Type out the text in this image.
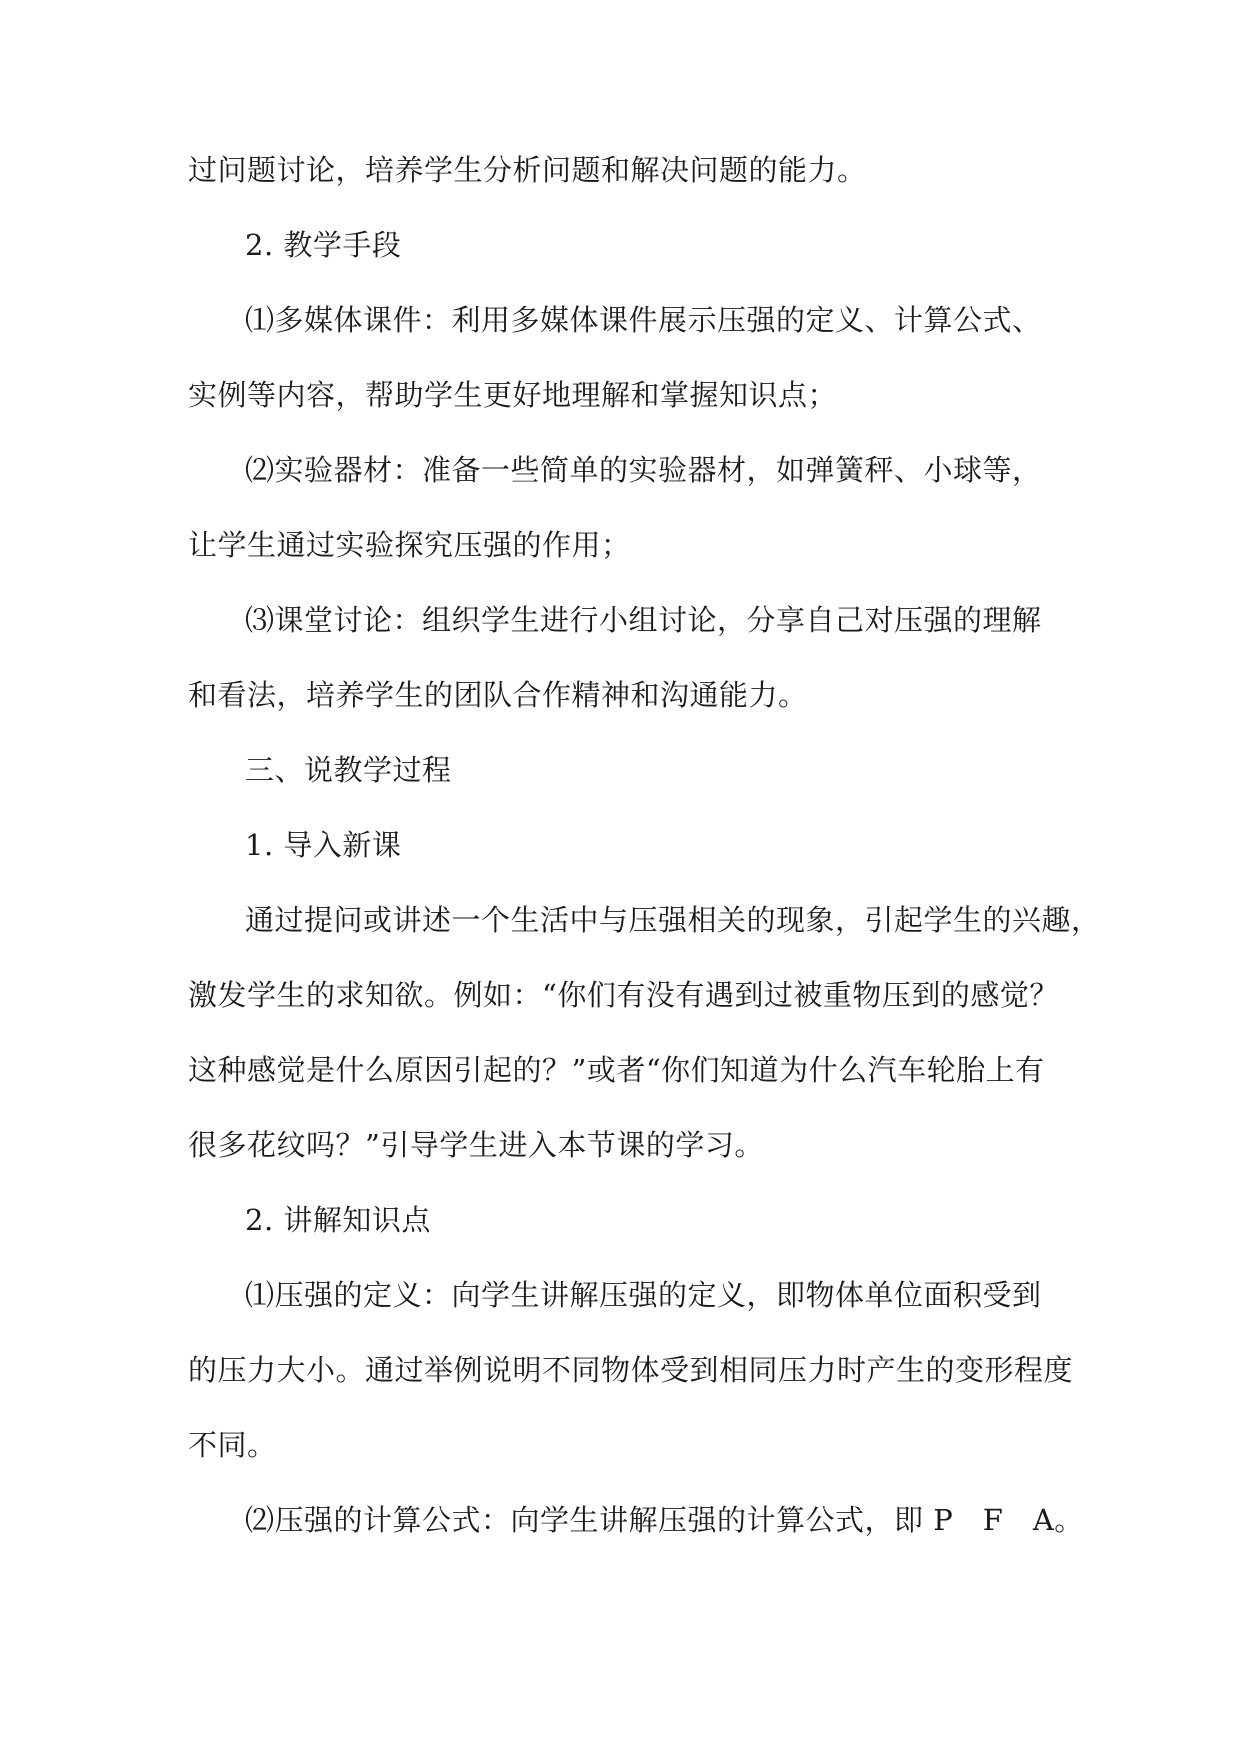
过问题讨论，培养学生分析问题和解决问题的能力。
2. 教学手段
⑴多媒体课件：利用多媒体课件展示压强的定义、计算公式、
实例等内容，帮助学生更好地理解和掌握知识点；
⑵实验器材：准备一些简单的实验器材，如弹簧秤、小球等，
让学生通过实验探究压强的作用；
⑶课堂讨论：组织学生进行小组讨论，分享自己对压强的理解
和看法，培养学生的团队合作精神和沟通能力。
三、说教学过程
1. 导入新课
通过提问或讲述一个生活中与压强相关的现象，引起学生的兴趣，
激发学生的求知欲。例如：“你们有没有遇到过被重物压到的感觉？
这种感觉是什么原因引起的？”或者“你们知道为什么汽车轮胎上有
很多花纹吗？”引导学生进入本节课的学习。
2. 讲解知识点
⑴压强的定义：向学生讲解压强的定义，即物体单位面积受到
的压力大小。通过举例说明不同物体受到相同压力时产生的变形程度
不同。
⑵压强的计算公式：向学生讲解压强的计算公式，即 P　F　A。
